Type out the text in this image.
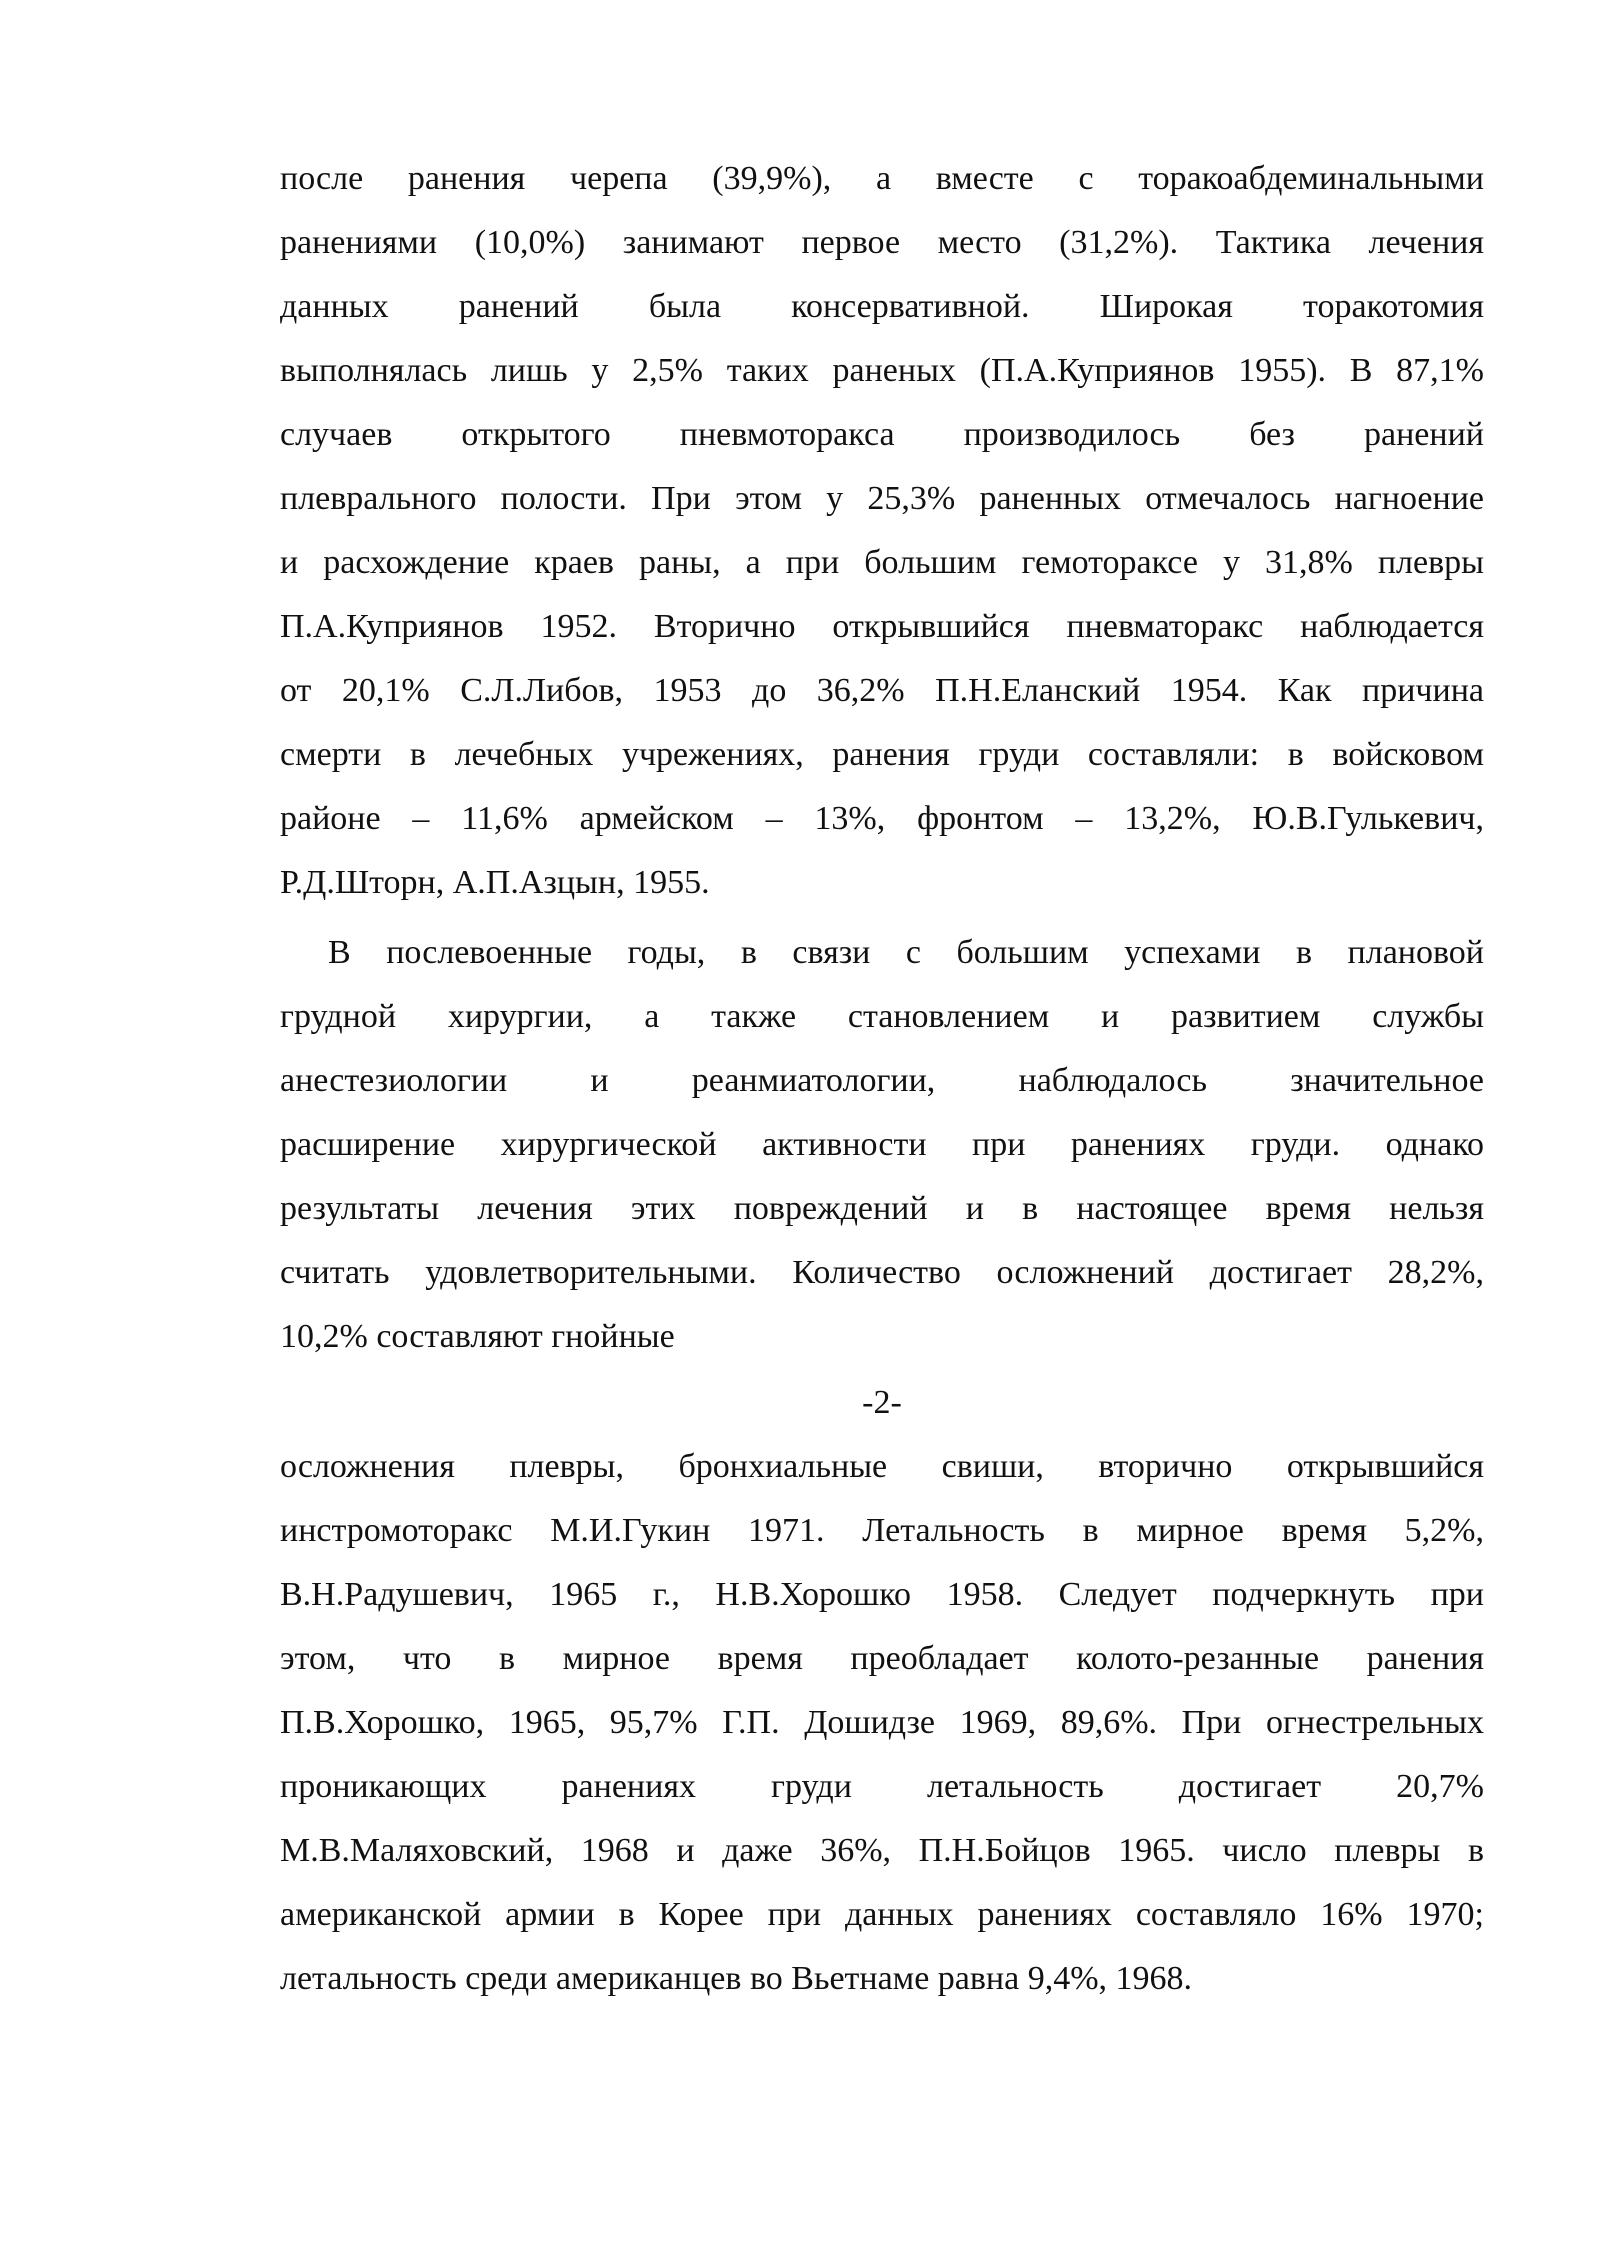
после ранения черепа (39,9%), а вместе с торакоабдеминальными

ранениями (10,0%) занимают первое место (31,2%). Тактика лечения

данных ранений была консервативной. Широкая торакотомия

выполнялась лишь у 2,5% таких раненых (П.А.Куприянов 1955). В 87,1%

случаев открытого пневмоторакса производилось без ранений

плеврального полости. При этом у 25,3% раненных отмечалось нагноение

и расхождение краев раны, а при большим гемотораксе у 31,8% плевры

П.А.Куприянов 1952. Вторично открывшийся пневматоракс наблюдается

от 20,1% С.Л.Либов, 1953 до 36,2% П.Н.Еланский 1954. Как причина

смерти в лечебных учрежениях, ранения груди составляли: в войсковом

районе – 11,6% армейском – 13%, фронтом – 13,2%, Ю.В.Гулькевич,

Р.Д.Шторн, А.П.Азцын, 1955.

В послевоенные годы, в связи с большим успехами в плановой

грудной хирургии, а также становлением и развитием службы

анестезиологии и реанмиатологии, наблюдалось значительное

расширение хирургической активности при ранениях груди. однако

результаты лечения этих повреждений и в настоящее время нельзя

считать удовлетворительными. Количество осложнений достигает 28,2%,

10,2% составляют гнойные

-2-

осложнения плевры, бронхиальные свиши, вторично открывшийся

инстромоторакс М.И.Гукин 1971. Летальность в мирное время 5,2%,

В.Н.Радушевич, 1965 г., Н.В.Хорошко 1958. Следует подчеркнуть при

этом, что в мирное время преобладает колото-резанные ранения

П.В.Хорошко, 1965, 95,7% Г.П. Дошидзе 1969, 89,6%. При огнестрельных

проникающих ранениях груди летальность достигает 20,7%

М.В.Маляховский, 1968 и даже 36%, П.Н.Бойцов 1965. число плевры в

американской армии в Корее при данных ранениях составляло 16% 1970;

летальность среди американцев во Вьетнаме равна 9,4%, 1968.
